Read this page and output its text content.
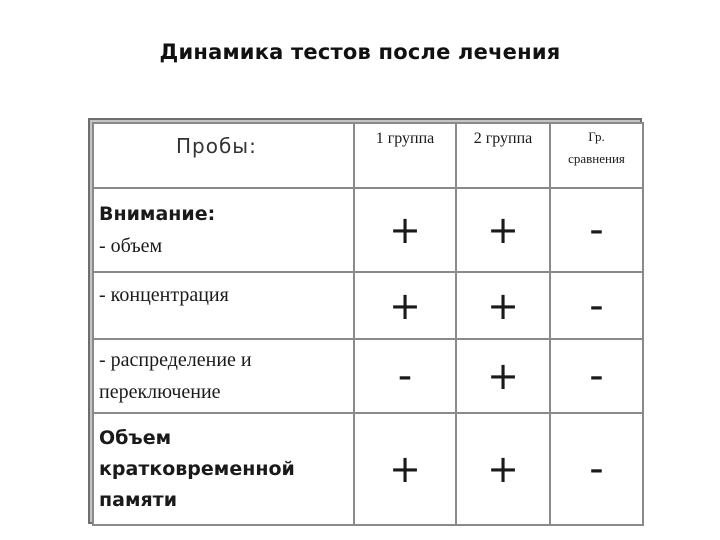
Динамика тестов после лечения
Пробы:	1 группа	2 группа	Гр.
сравнения

Внимание:
- объем	+	+	-
- концентрация	+	+	-

- распределение и
переключение	-	+	-

Объем
кратковременной
памяти	+	+	-
